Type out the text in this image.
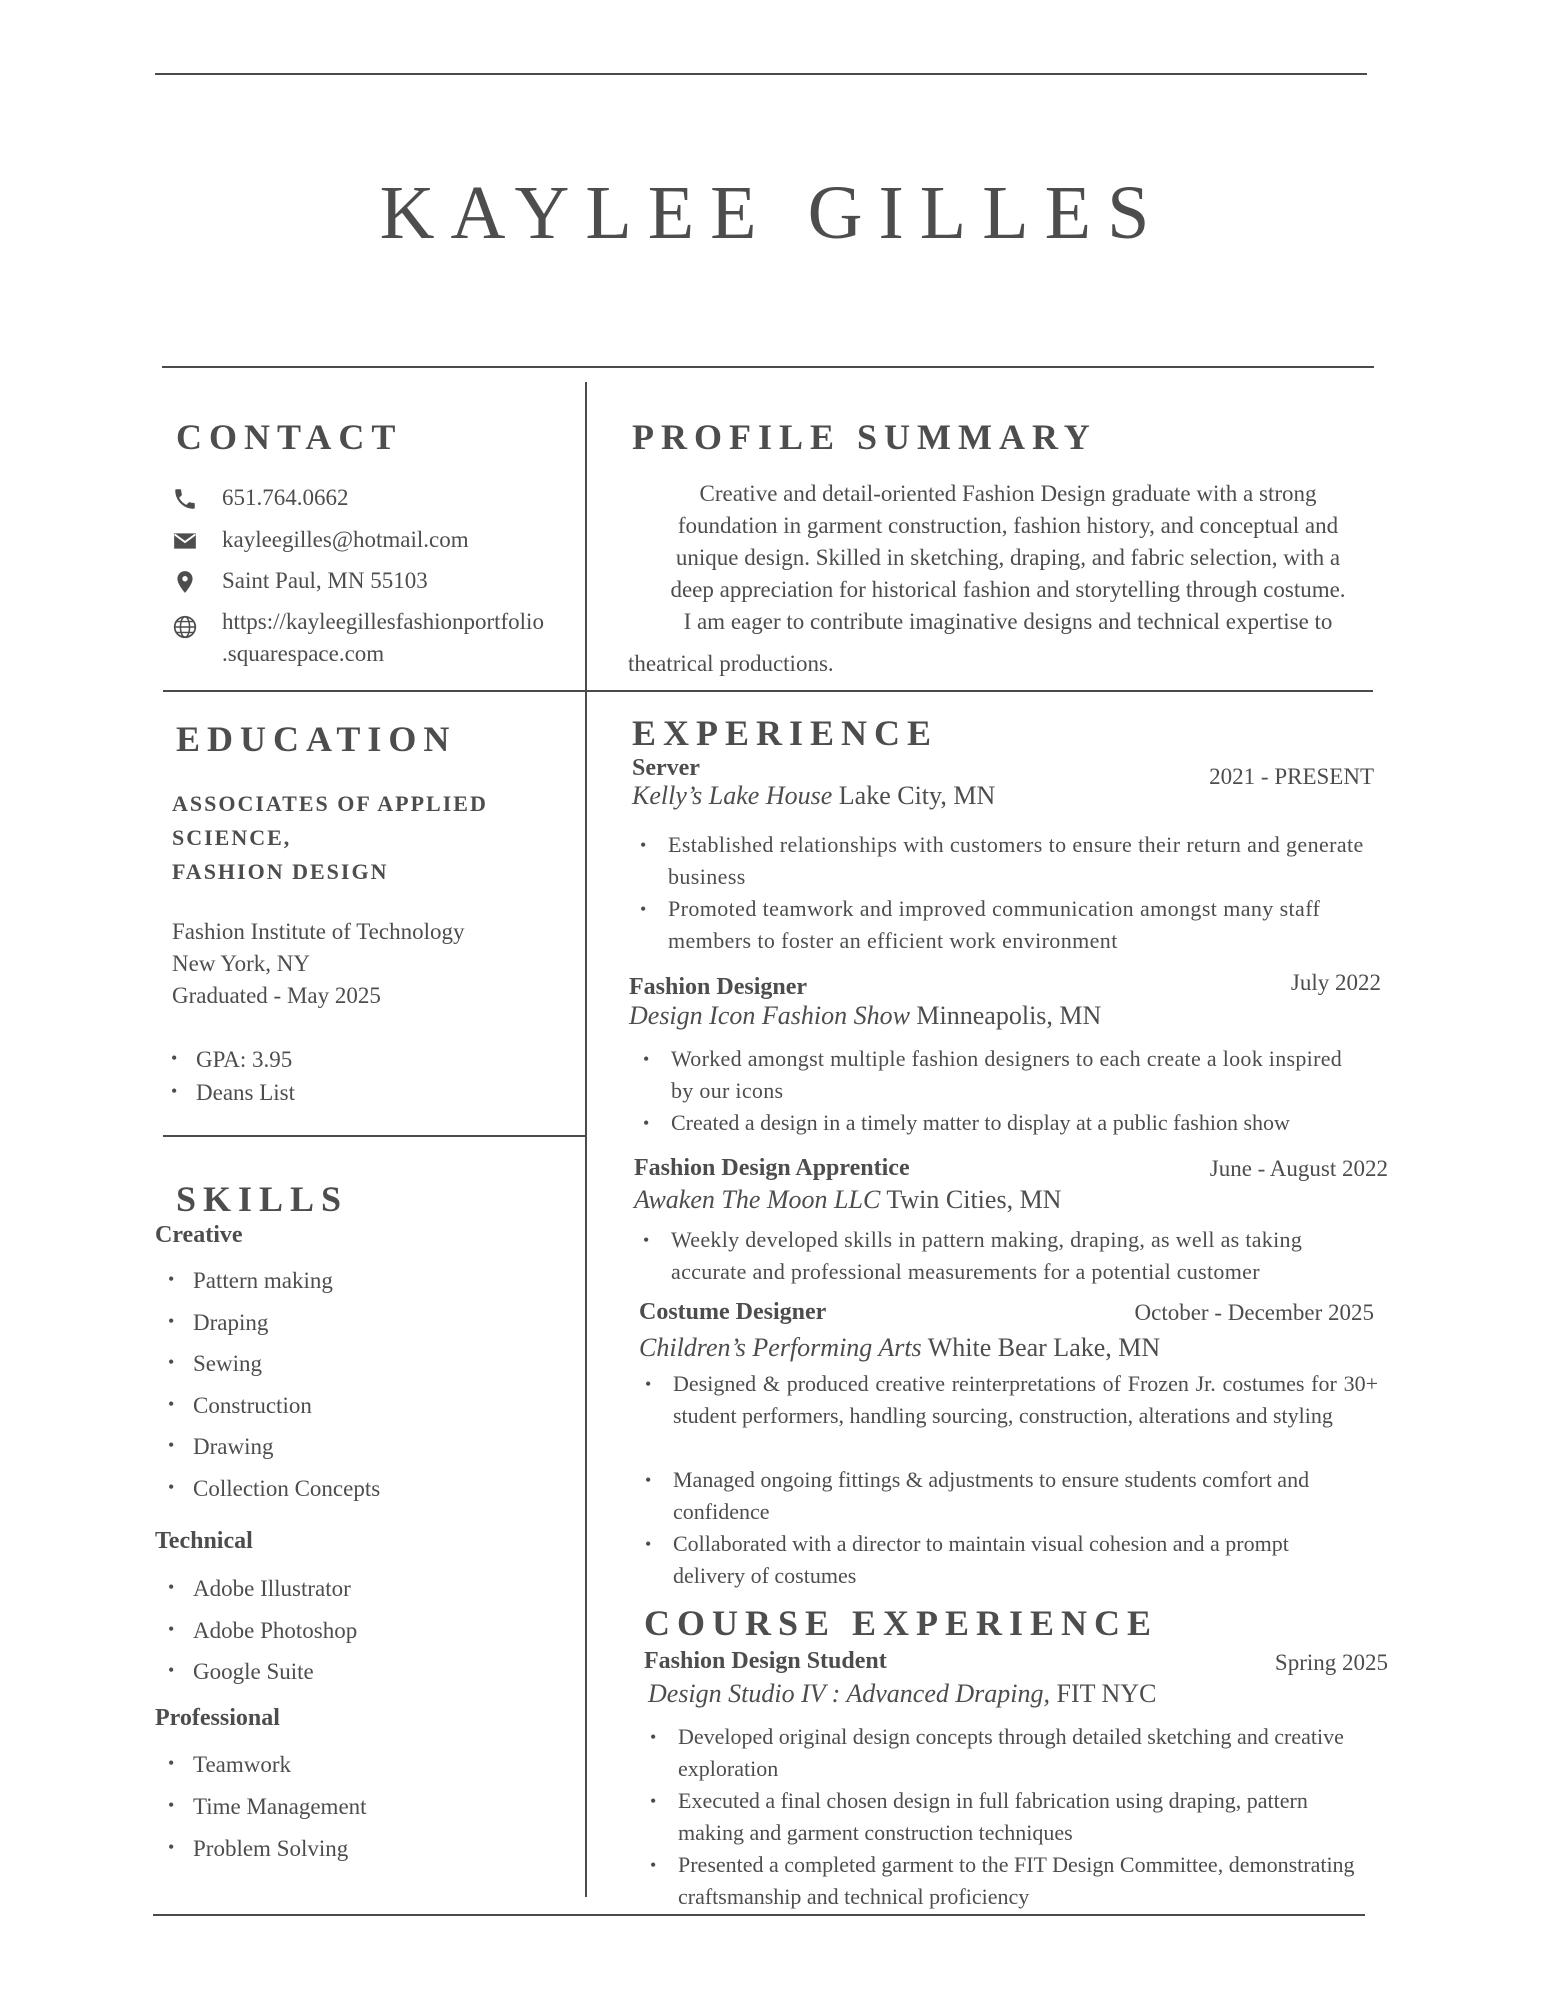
KAYLEE GILLES
CONTACT
651.764.0662
kayleegilles@hotmail.com
Saint Paul, MN 55103
https://kayleegillesfashionportfolio
.squarespace.com
EDUCATION
ASSOCIATES OF APPLIED
SCIENCE,
FASHION DESIGN
Fashion Institute of Technology
New York, NY
Graduated - May 2025
• GPA: 3.95
• Deans List
SKILLS
Creative
• Pattern making
• Draping
• Sewing
• Construction
• Drawing
• Collection Concepts
Technical
• Adobe Illustrator
• Adobe Photoshop
• Google Suite
Professional
• Teamwork
• Time Management
• Problem Solving
PROFILE SUMMARY
Creative and detail-oriented Fashion Design graduate with a strong
foundation in garment construction, fashion history, and conceptual and
unique design. Skilled in sketching, draping, and fabric selection, with a
deep appreciation for historical fashion and storytelling through costume.
I am eager to contribute imaginative designs and technical expertise to
theatrical productions.
EXPERIENCE
Server	2021 - PRESENT
Kelly’s Lake House Lake City, MN
• Established relationships with customers to ensure their return and generate business
• Promoted teamwork and improved communication amongst many staff members to foster an efficient work environment
Fashion Designer	July 2022
Design Icon Fashion Show Minneapolis, MN
• Worked amongst multiple fashion designers to each create a look inspired by our icons
• Created a design in a timely matter to display at a public fashion show
Fashion Design Apprentice	June - August 2022
Awaken The Moon LLC Twin Cities, MN
• Weekly developed skills in pattern making, draping, as well as taking accurate and professional measurements for a potential customer
Costume Designer	October - December 2025
Children’s Performing Arts White Bear Lake, MN
• Designed & produced creative reinterpretations of Frozen Jr. costumes for 30+ student performers, handling sourcing, construction, alterations and styling
• Managed ongoing fittings & adjustments to ensure students comfort and confidence
• Collaborated with a director to maintain visual cohesion and a prompt delivery of costumes
COURSE EXPERIENCE
Fashion Design Student	Spring 2025
Design Studio IV : Advanced Draping, FIT NYC
• Developed original design concepts through detailed sketching and creative exploration
• Executed a final chosen design in full fabrication using draping, pattern making and garment construction techniques
• Presented a completed garment to the FIT Design Committee, demonstrating craftsmanship and technical proficiency
